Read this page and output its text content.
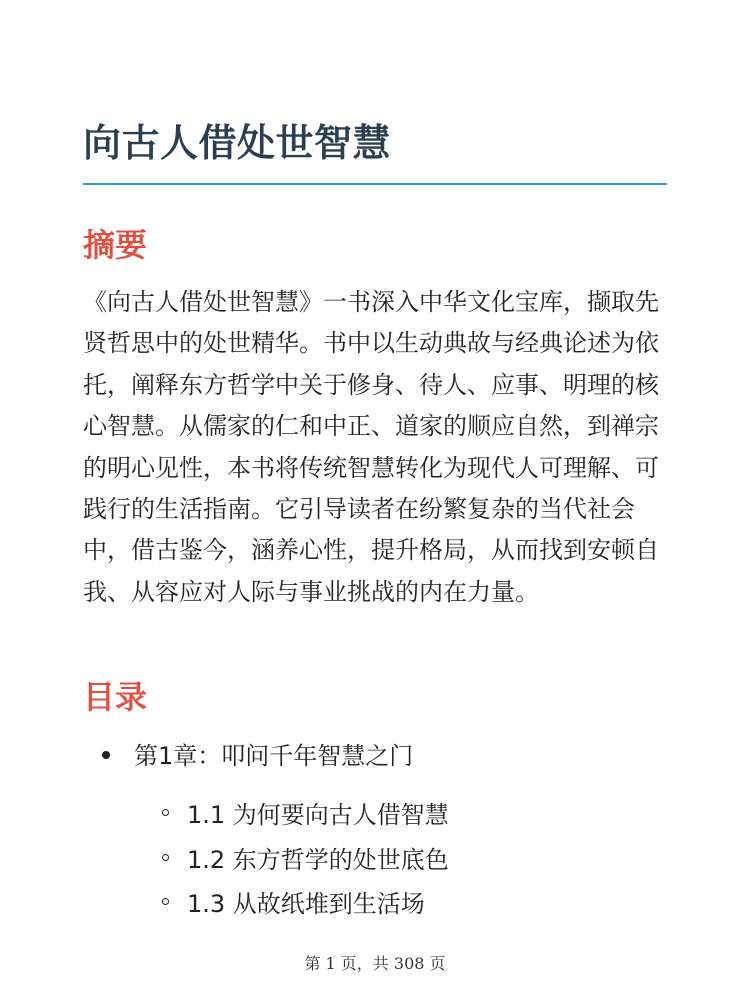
向古人借处世智慧
摘要

《向古人借处世智慧》一书深入中华文化宝库，撷取先贤哲思中的处世精华。书中以生动典故与经典论述为依托，阐释东方哲学中关于修身、待人、应事、明理的核心智慧。从儒家的仁和中正、道家的顺应自然，到禅宗的明心见性，本书将传统智慧转化为现代人可理解、可践行的生活指南。它引导读者在纷繁复杂的当代社会中，借古鉴今，涵养心性，提升格局，从而找到安顿自我、从容应对人际与事业挑战的内在力量。

目录
第1章：叩问千年智慧之门
1.1 为何要向古人借智慧
1.2 东方哲学的处世底色
1.3 从故纸堆到生活场
第 1 页，共 308 页
